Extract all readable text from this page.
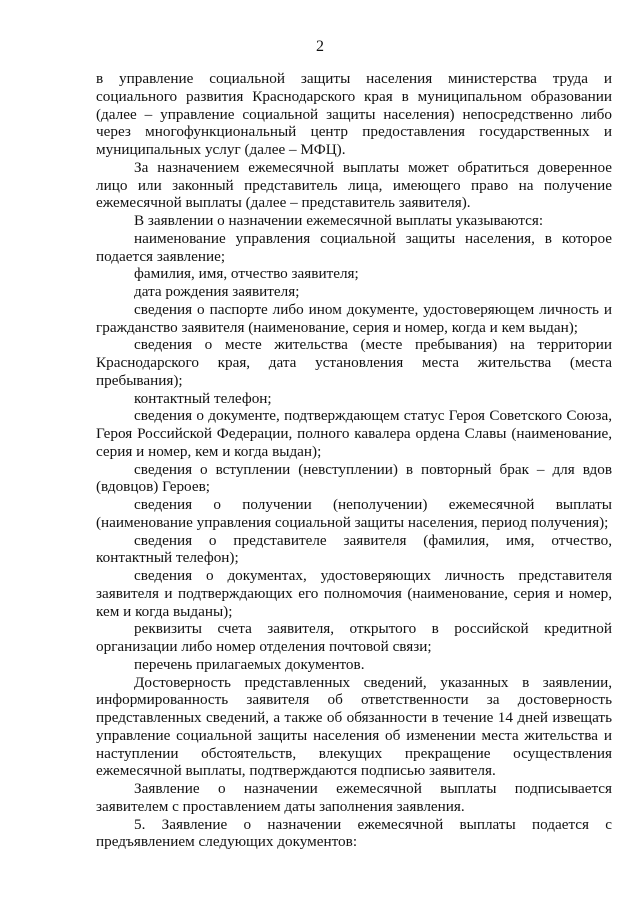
2

в управление социальной защиты населения министерства труда и социального развития Краснодарского края в муниципальном образовании (далее – управление социальной защиты населения) непосредственно либо через многофункциональный центр предоставления государственных и муниципальных услуг (далее – МФЦ).

За назначением ежемесячной выплаты может обратиться доверенное лицо или законный представитель лица, имеющего право на получение ежемесячной выплаты (далее – представитель заявителя).

В заявлении о назначении ежемесячной выплаты указываются:

наименование управления социальной защиты населения, в которое подается заявление;

фамилия, имя, отчество заявителя;

дата рождения заявителя;

сведения о паспорте либо ином документе, удостоверяющем личность и гражданство заявителя (наименование, серия и номер, когда и кем выдан);

сведения о месте жительства (месте пребывания) на территории Краснодарского края, дата установления места жительства (места пребывания);

контактный телефон;

сведения о документе, подтверждающем статус Героя Советского Союза, Героя Российской Федерации, полного кавалера ордена Славы (наименование, серия и номер, кем и когда выдан);

сведения о вступлении (невступлении) в повторный брак – для вдов (вдовцов) Героев;

сведения о получении (неполучении) ежемесячной выплаты (наименование управления социальной защиты населения, период получения);

сведения о представителе заявителя (фамилия, имя, отчество, контактный телефон);

сведения о документах, удостоверяющих личность представителя заявителя и подтверждающих его полномочия (наименование, серия и номер, кем и когда выданы);

реквизиты счета заявителя, открытого в российской кредитной организации либо номер отделения почтовой связи;

перечень прилагаемых документов.

Достоверность представленных сведений, указанных в заявлении, информированность заявителя об ответственности за достоверность представленных сведений, а также об обязанности в течение 14 дней извещать управление социальной защиты населения об изменении места жительства и наступлении обстоятельств, влекущих прекращение осуществления ежемесячной выплаты, подтверждаются подписью заявителя.

Заявление о назначении ежемесячной выплаты подписывается заявителем с проставлением даты заполнения заявления.

5. Заявление о назначении ежемесячной выплаты подается с предъявлением следующих документов:
